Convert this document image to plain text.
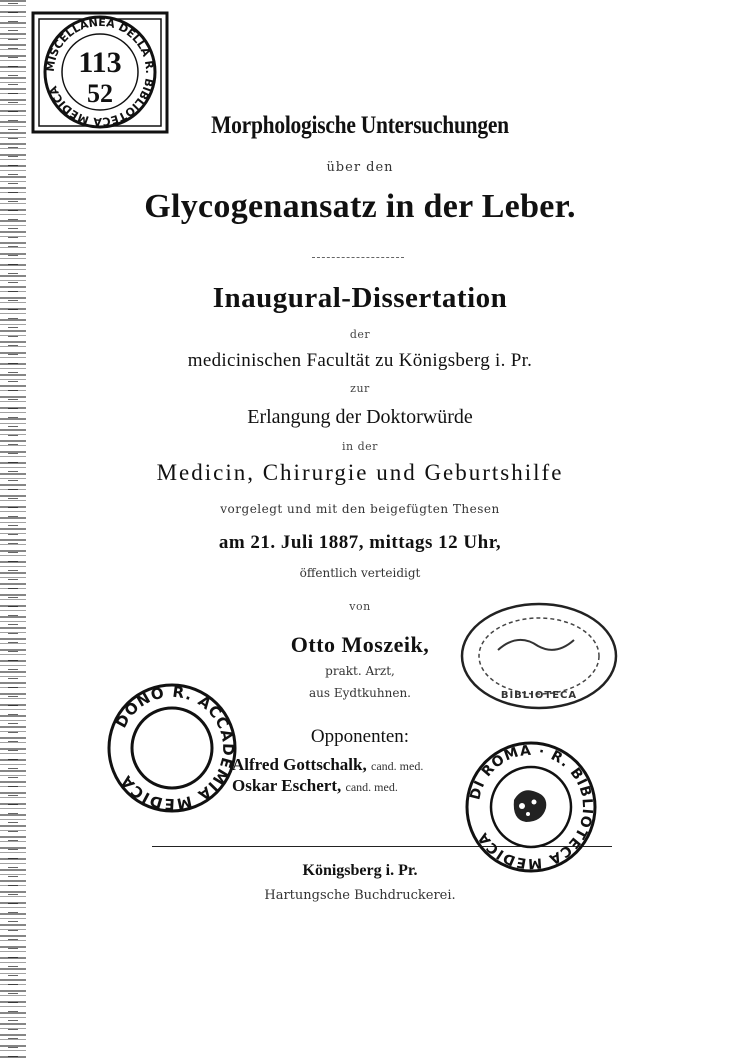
MISCELLANEA DELLA R. BIBLIOTECA MEDICA
113
52
Morphologische Untersuchungen
über den
Glycogenansatz in der Leber.
Inaugural-Dissertation
der
medicinischen Facultät zu Königsberg i. Pr.
zur
Erlangung der Doktorwürde
in der
Medicin, Chirurgie und Geburtshilfe
vorgelegt und mit den beigefügten Thesen
am 21. Juli 1887, mittags 12 Uhr,
öffentlich verteidigt
von
Otto Moszeik,
prakt. Arzt,
aus Eydtkuhnen.
Opponenten:
Alfred Gottschalk, cand. med.
Oskar Eschert, cand. med.
Königsberg i. Pr.
Hartungsche Buchdruckerei.
DONO R. ACCADEMIA MEDICA
BIBLIOTECA
DI ROMA · R. BIBLIOTECA MEDICA
